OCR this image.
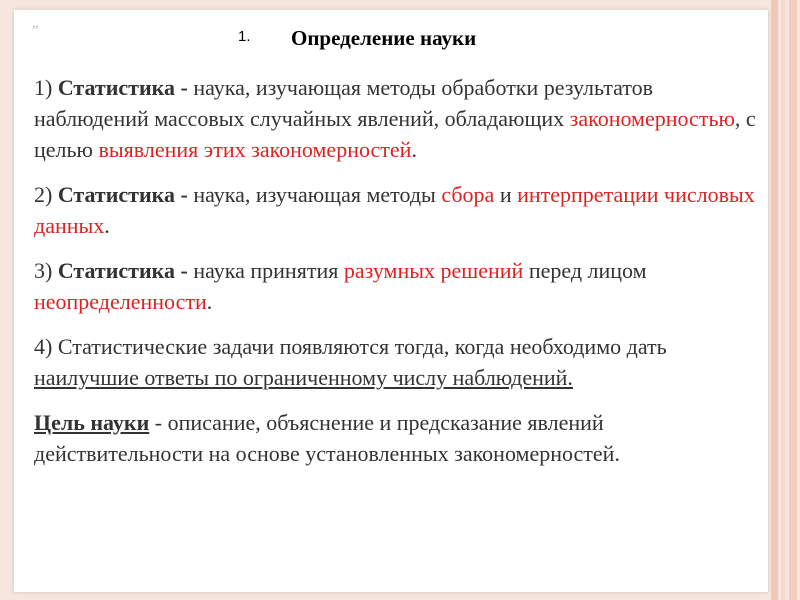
„
1. Определение науки

1) Статистика - наука, изучающая методы обработки результатов наблюдений массовых случайных явлений, обладающих закономерностью, с целью выявления этих закономерностей.

2) Статистика - наука, изучающая методы сбора и интерпретации числовых данных.

3) Статистика - наука принятия разумных решений перед лицом неопределенности.

4) Статистические задачи появляются тогда, когда необходимо дать наилучшие ответы по ограниченному числу наблюдений.

Цель науки - описание, объяснение и предсказание явлений действительности на основе установленных закономерностей.
